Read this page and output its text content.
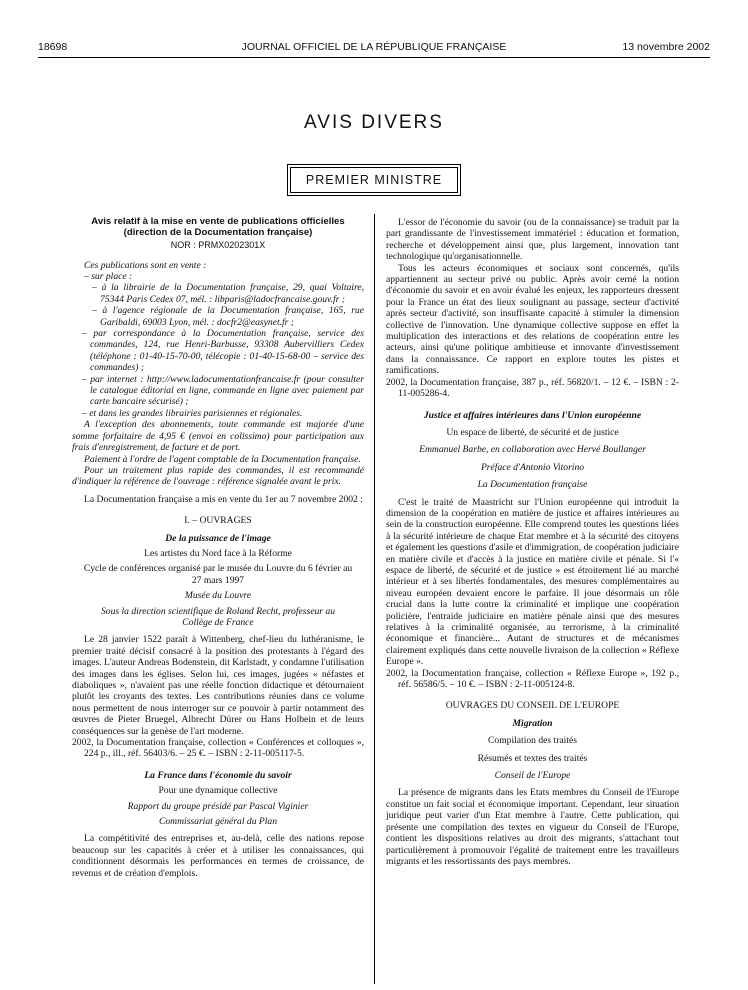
18698	JOURNAL OFFICIEL DE LA RÉPUBLIQUE FRANÇAISE	13 novembre 2002
AVIS DIVERS
PREMIER MINISTRE

Avis relatif à la mise en vente de publications officielles (direction de la Documentation française)

NOR : PRMX0202301X

Ces publications sont en vente :

– sur place :

– à la librairie de la Documentation française, 29, quai Voltaire, 75344 Paris Cedex 07, mél. : libparis@ladocfrancaise.gouv.fr ;

– à l'agence régionale de la Documentation française, 165, rue Garibaldi, 69003 Lyon, mél. : docfr2@easynet.fr ;

– par correspondance à la Documentation française, service des commandes, 124, rue Henri-Barbusse, 93308 Aubervilliers Cedex (téléphone : 01-40-15-70-00, télécopie : 01-40-15-68-00 – service des commandes) ;

– par internet : http://www.ladocumentationfrancaise.fr (pour consulter le catalogue éditorial en ligne, commande en ligne avec paiement par carte bancaire sécurisé) ;

– et dans les grandes librairies parisiennes et régionales.

A l'exception des abonnements, toute commande est majorée d'une somme forfaitaire de 4,95 € (envoi en colissimo) pour participation aux frais d'enregistrement, de facture et de port.

Paiement à l'ordre de l'agent comptable de la Documentation française.

Pour un traitement plus rapide des commandes, il est recommandé d'indiquer la référence de l'ouvrage : référence signalée avant le prix.

La Documentation française a mis en vente du 1er au 7 novembre 2002 :

I. – OUVRAGES

De la puissance de l'image

Les artistes du Nord face à la Réforme

Cycle de conférences organisé par le musée du Louvre du 6 février au 27 mars 1997

Musée du Louvre

Sous la direction scientifique de Roland Recht, professeur au Collège de France

Le 28 janvier 1522 paraît à Wittenberg, chef-lieu du luthéranisme, le premier traité décisif consacré à la position des protestants à l'égard des images. L'auteur Andreas Bodenstein, dit Karlstadt, y condamne l'utilisation des images dans les églises. Selon lui, ces images, jugées « néfastes et diaboliques », n'avaient pas une réelle fonction didactique et détournaient plutôt les croyants des textes. Les contributions réunies dans ce volume nous permettent de nous interroger sur ce pouvoir à partir notamment des œuvres de Pieter Bruegel, Albrecht Dürer ou Hans Holbein et de leurs conséquences sur la genèse de l'art moderne.

2002, la Documentation française, collection « Conférences et colloques », 224 p., ill., réf. 56403/6. – 25 €. – ISBN : 2-11-005117-5.

La France dans l'économie du savoir

Pour une dynamique collective

Rapport du groupe présidé par Pascal Viginier

Commissariat général du Plan

La compétitivité des entreprises et, au-delà, celle des nations repose beaucoup sur les capacités à créer et à utiliser les connaissances, qui conditionnent désormais les performances en termes de croissance, de revenus et de création d'emplois.

L'essor de l'économie du savoir (ou de la connaissance) se traduit par la part grandissante de l'investissement immatériel : éducation et formation, recherche et développement ainsi que, plus largement, innovation tant technologique qu'organisationnelle.

Tous les acteurs économiques et sociaux sont concernés, qu'ils appartiennent au secteur privé ou public. Après avoir cerné la notion d'économie du savoir et en avoir évalué les enjeux, les rapporteurs dressent pour la France un état des lieux soulignant au passage, secteur d'activité après secteur d'activité, son insuffisante capacité à stimuler la dimension collective de l'innovation. Une dynamique collective suppose en effet la multiplication des interactions et des relations de coopération entre les acteurs, ainsi qu'une politique ambitieuse et innovante d'investissement dans la connaissance. Ce rapport en explore toutes les pistes et ramifications.

2002, la Documentation française, 387 p., réf. 56820/1. – 12 €. – ISBN : 2-11-005286-4.

Justice et affaires intérieures dans l'Union européenne

Un espace de liberté, de sécurité et de justice

Emmanuel Barbe, en collaboration avec Hervé Boullanger

Préface d'Antonio Vitorino

La Documentation française

C'est le traité de Maastricht sur l'Union européenne qui introduit la dimension de la coopération en matière de justice et affaires intérieures au sein de la construction européenne. Elle comprend toutes les questions liées à la sécurité intérieure de chaque Etat membre et à la sécurité des citoyens et également les questions d'asile et d'immigration, de coopération judiciaire en matière civile et d'accès à la justice en matière civile et pénale. Si l'« espace de liberté, de sécurité et de justice » est étroitement lié au marché intérieur et à ses libertés fondamentales, des mesures complémentaires au niveau européen devaient encore le parfaire. Il joue désormais un rôle crucial dans la lutte contre la criminalité et implique une coopération policière, l'entraide judiciaire en matière pénale ainsi que des mesures relatives à la criminalité organisée, au terrorisme, à la criminalité économique et financière... Autant de structures et de mécanismes clairement expliqués dans cette nouvelle livraison de la collection « Réflexe Europe ».

2002, la Documentation française, collection « Réflexe Europe », 192 p., réf. 56586/5. – 10 €. – ISBN : 2-11-005124-8.

OUVRAGES DU CONSEIL DE L'EUROPE

Migration

Compilation des traités

Résumés et textes des traités

Conseil de l'Europe

La présence de migrants dans les Etats membres du Conseil de l'Europe constitue un fait social et économique important. Cependant, leur situation juridique peut varier d'un Etat membre à l'autre. Cette publication, qui présente une compilation des textes en vigueur du Conseil de l'Europe, contient les dispositions relatives au droit des migrants, s'attachant tout particulièrement à promouvoir l'égalité de traitement entre les travailleurs migrants et les ressortissants des pays membres.
